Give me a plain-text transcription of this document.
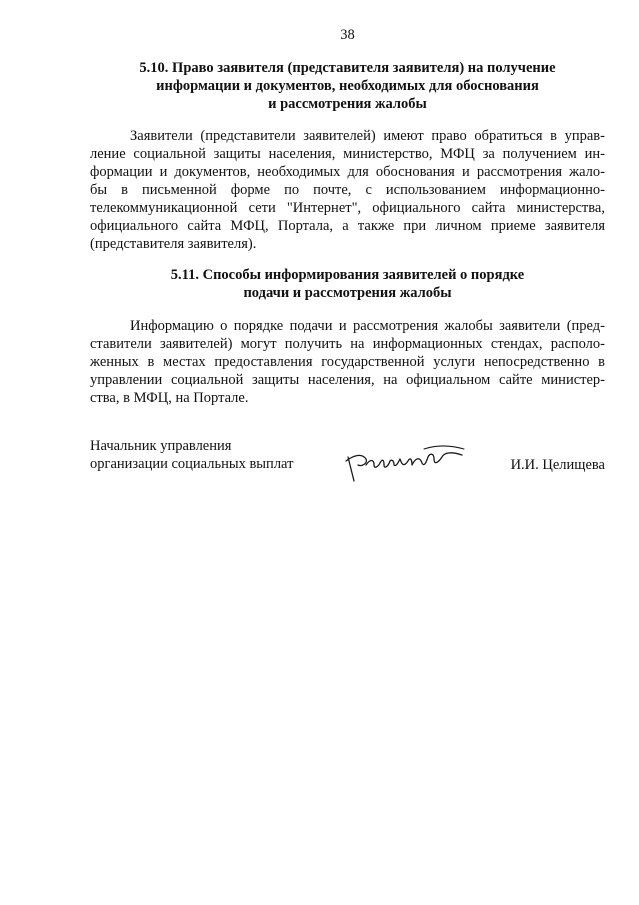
38
5.10. Право заявителя (представителя заявителя) на получение
информации и документов, необходимых для обоснования
и рассмотрения жалобы
Заявители (представители заявителей) имеют право обратиться в управ-
ление социальной защиты населения, министерство, МФЦ за получением ин-
формации и документов, необходимых для обоснования и рассмотрения жало-
бы в письменной форме по почте, с использованием информационно-
телекоммуникационной сети "Интернет", официального сайта министерства,
официального сайта МФЦ, Портала, а также при личном приеме заявителя
(представителя заявителя).
5.11. Способы информирования заявителей о порядке
подачи и рассмотрения жалобы
Информацию о порядке подачи и рассмотрения жалобы заявители (пред-
ставители заявителей) могут получить на информационных стендах, располо-
женных в местах предоставления государственной услуги непосредственно в
управлении социальной защиты населения, на официальном сайте министер-
ства, в МФЦ, на Портале.
Начальник управления
организации социальных выплат	И.И. Целищева
